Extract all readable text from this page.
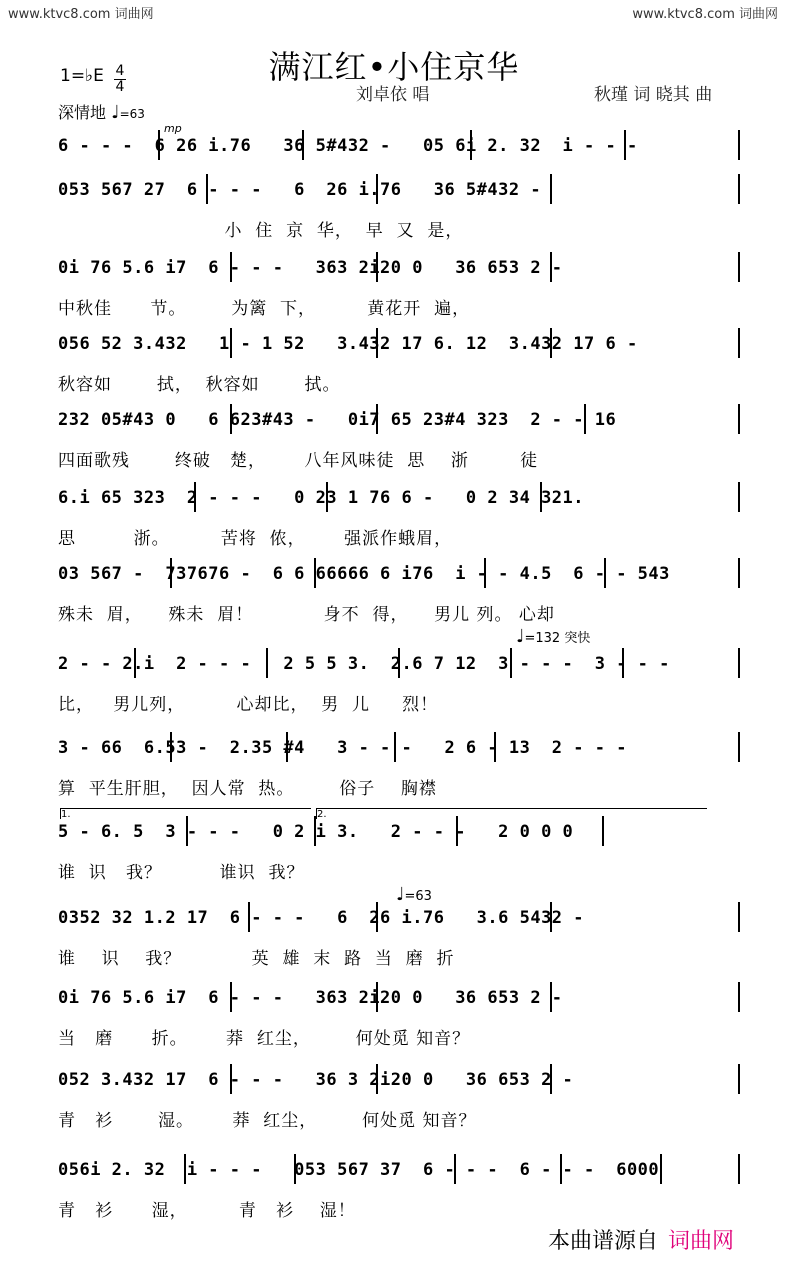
www.ktvc8.com 词曲网	www.ktvc8.com 词曲网
满江红•小住京华
刘卓依 唱	秋瑾 词 晓其 曲
1=♭E 4
4
深情地 ♩=63
mp
6 - - -  6 26 i.76   36 5#432 -   05 6i 2. 32  i - - -
053 567 27  6 - - -   6  26 i.76   36 5#432 -
小  住  京  华，  早  又  是，
0i 76 5.6 i7  6 - - -   363 2i20 0   36 653 2 -
中秋佳      节。       为篱  下，        黄花开  遍，
056 52 3.432   1 - 1 52   3.432 17 6. 12  3.432 17 6 -
秋容如       拭，  秋容如       拭。
232 05#43 0   6 623#43 -   0i7 65 23#4 323  2 - - 16
四面歌残       终破   楚，      八年风味徒  思    浙        徒
6.i 65 323  2 - - -   0 23 1 76 6 -   0 2 34 321.
思         浙。        苦将  侬，      强派作蛾眉，
03 567 -  737676 -  6 6 66666 6 i76  i - - 4.5  6 - - 543
殊未  眉，    殊未  眉！           身不  得，    男儿 列。 心却
2 - - 2.i  2 - - -   2 5 5 3.  2.6 7 12  3 - - -  3 - - -
比，   男儿列，        心却比，  男  儿     烈！
3 - 66  6.53 -  2.35 #4   3 - - -   2 6 - 13  2 - - -
算  平生肝胆，  因人常  热。       俗子    胸襟
5 - 6. 5  3 - - -   0 2 i 3.   2 - - -   2 0 0 0
谁  识   我？         谁识  我？
0352 32 1.2 17  6 - - -   6  26 i.76   3.6 5432 -
谁    识    我？           英  雄  末  路  当  磨  折
0i 76 5.6 i7  6 - - -   363 2i20 0   36 653 2 -
当   磨      折。      莽  红尘，       何处觅 知音？
052 3.432 17  6 - - -   36 3 2i20 0   36 653 2 -
青   衫       湿。      莽  红尘，       何处觅 知音？
056i 2. 32  i - - -   053 567 37  6 - - -  6 - - -  6000
青   衫      湿，        青   衫    湿！
♩=132 突快
♩=63
1.	2.
本曲谱源自 词曲网
